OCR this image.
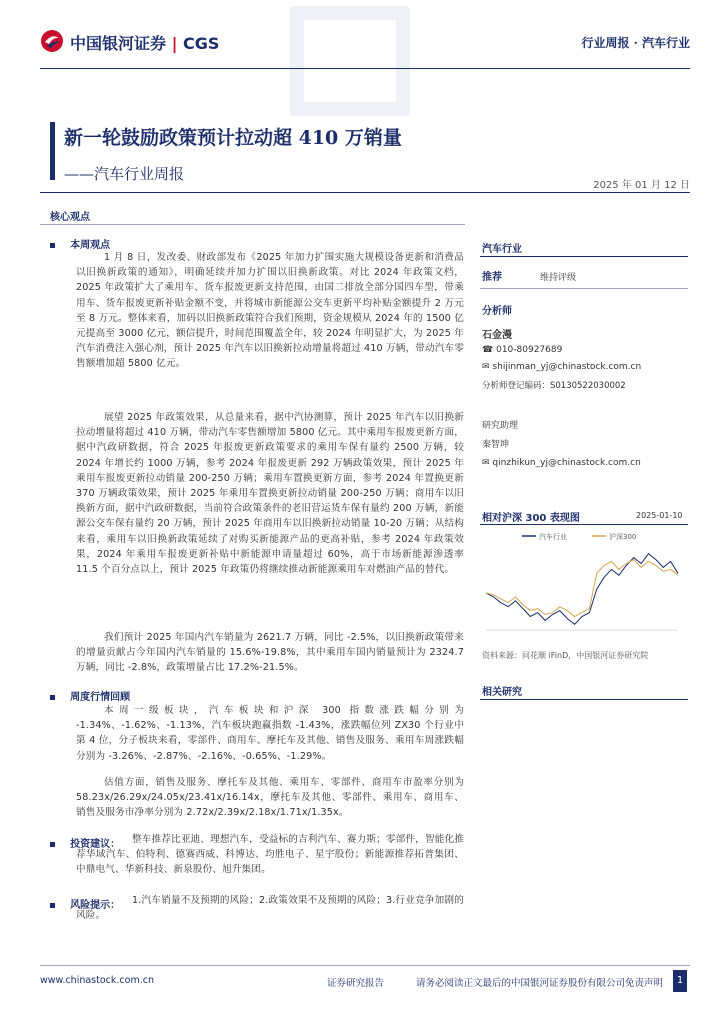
中国银河证券 | CGS	行业周报 · 汽车行业
新一轮鼓励政策预计拉动超 410 万销量
——汽车行业周报
2025 年 01 月 12 日
核心观点
本周观点
1 月 8 日，发改委、财政部发布《2025 年加力扩围实施大规模设备更新和消费品以旧换新政策的通知》，明确延续并加力扩围以旧换新政策。对比 2024 年政策文档，2025 年政策扩大了乘用车、货车报废更新支持范围，由国二排放全部分国四车型，带乘用车、货车报废更新补贴金额不变，并将城市新能源公交车更新平均补贴金额提升 2 万元至 8 万元。整体来看，加码以旧换新政策符合我们预期，资金规模从 2024 年的 1500 亿元提高至 3000 亿元，额信提升，时间范围覆盖全年，较 2024 年明显扩大，为 2025 年汽车消费注入强心剂，预计 2025 年汽车以旧换新拉动增量将超过 410 万辆，带动汽车零售额增加超 5800 亿元。
展望 2025 年政策效果，从总量来看，据中汽协测算，预计 2025 年汽车以旧换新拉动增量将超过 410 万辆，带动汽车零售额增加 5800 亿元。其中乘用车报废更新方面，据中汽政研数据，符合 2025 年报废更新政策要求的乘用车保有量约 2500 万辆，较 2024 年增长约 1000 万辆，参考 2024 年报废更新 292 万辆政策效果，预计 2025 年乘用车报废更新拉动销量 200-250 万辆；乘用车置换更新方面，参考 2024 年置换更新 370 万辆政策效果，预计 2025 年乘用车置换更新拉动销量 200-250 万辆；商用车以旧换新方面，据中汽政研数据，当前符合政策条件的老旧营运货车保有量约 200 万辆，新能源公交车保有量约 20 万辆，预计 2025 年商用车以旧换新拉动销量 10-20 万辆；从结构来看，乘用车以旧换新政策延续了对购买新能源产品的更高补贴，参考 2024 年政策效果，2024 年乘用车报废更新补贴中新能源申请量超过 60%，高于市场新能源渗透率 11.5 个百分点以上，预计 2025 年政策仍将继续推动新能源乘用车对燃油产品的替代。
我们预计 2025 年国内汽车销量为 2621.7 万辆，同比 -2.5%，以旧换新政策带来的增量贡献占今年国内汽车销量的 15.6%-19.8%，其中乘用车国内销量预计为 2324.7 万辆，同比 -2.8%，政策增量占比 17.2%-21.5%。
周度行情回顾
本周一级板块，汽车板块和沪深 300 指数涨跌幅分别为 -1.34%、-1.62%、-1.13%，汽车板块跑赢指数 -1.43%，涨跌幅位列 ZX30 个行业中第 4 位，分子板块来看，零部件、商用车、摩托车及其他、销售及服务、乘用车周涨跌幅分别为 -3.26%、-2.87%、-2.16%、-0.65%、-1.29%。
估值方面，销售及服务、摩托车及其他、乘用车、零部件、商用车市盈率分别为 58.23x/26.29x/24.05x/23.41x/16.14x，摩托车及其他、零部件、乘用车、商用车、销售及服务市净率分别为 2.72x/2.39x/2.18x/1.71x/1.35x。
投资建议：	整车推荐比亚迪、理想汽车，受益标的吉利汽车、赛力斯；零部件，智能化推荐华域汽车、伯特利、德赛西威、科博达、均胜电子、星宇股份；新能源推荐拓普集团、中鼎电气、华新科技、新泉股份、旭升集团。
风险提示：	1.汽车销量不及预期的风险；2.政策效果不及预期的风险；3.行业竞争加剧的风险。
汽车行业
推荐	维持评级
分析师
石金漫
☎ 010-80927689
✉ shijinman_yj@chinastock.com.cn
分析师登记编码：S0130522030002
研究助理
秦智坤
✉ qinzhikun_yj@chinastock.com.cn
相对沪深 300 表现图	2025-01-10
汽车行业	沪深300
资料来源：同花顺 iFinD，中国银河证券研究院
相关研究
www.chinastock.com.cn	证券研究报告	请务必阅读正文最后的中国银河证券股份有限公司免责声明	1
